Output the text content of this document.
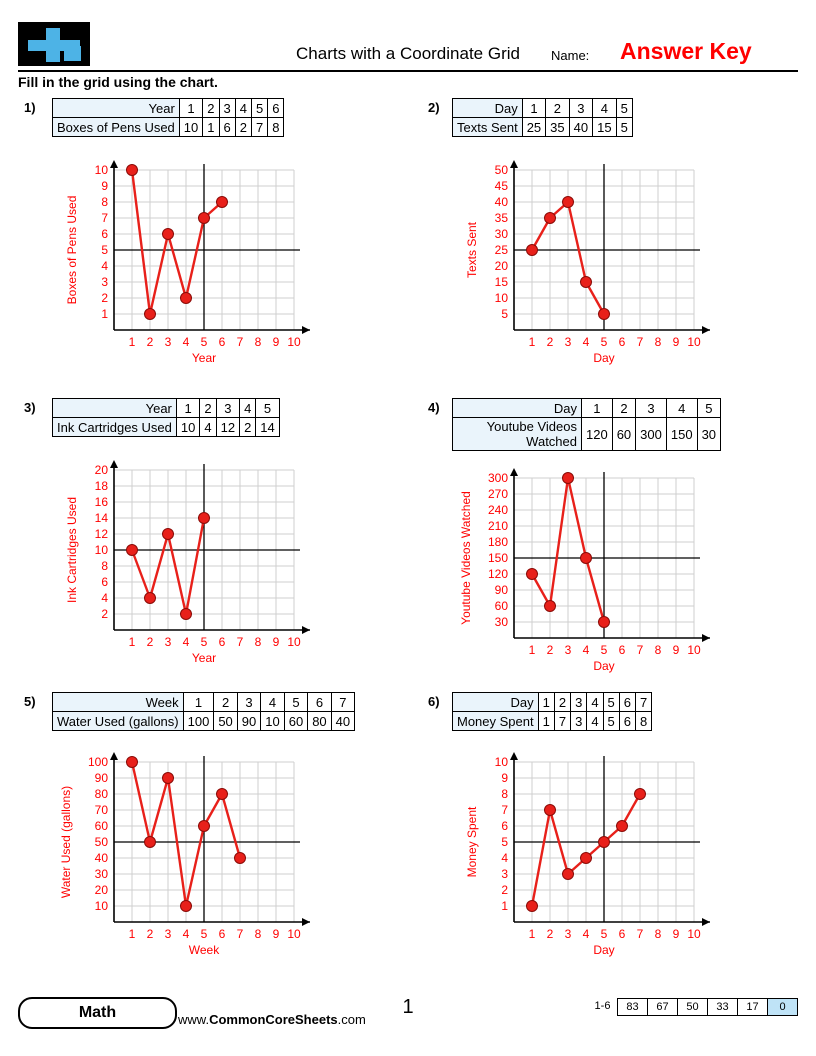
Charts with a Coordinate Grid	Name: Answer Key
Fill in the grid using the chart.
1)	Year	1	2	3	4	5	6
Boxes of Pens Used	10	1	6	2	7	8
1 2 3 4 5 6 7 8 9 10
1
2
3
4
5
6
7
8
9
10
Year
Boxes of Pens Used
2)	Day	1	2	3	4	5
Texts Sent	25	35	40	15	5
1 2 3 4 5 6 7 8 9 10
5
10
15
20
25
30
35
40
45
50
Day
Texts Sent
3)	Year	1	2	3	4	5
Ink Cartridges Used	10	4	12	2	14
1 2 3 4 5 6 7 8 9 10
2
4
6
8
10
12
14
16
18
20
Year
Ink Cartridges Used
4)	Day	1	2	3	4	5
Youtube Videos Watched	120	60	300	150	30
1 2 3 4 5 6 7 8 9 10
30
60
90
120
150
180
210
240
270
300
Day
Youtube Videos Watched
5)	Week	1	2	3	4	5	6	7
Water Used (gallons)	100	50	90	10	60	80	40
1 2 3 4 5 6 7 8 9 10
10
20
30
40
50
60
70
80
90
100
Week
Water Used (gallons)
6)	Day	1	2	3	4	5	6	7
Money Spent	1	7	3	4	5	6	8
1 2 3 4 5 6 7 8 9 10
1
2
3
4
5
6
7
8
9
10
Day
Money Spent
Math	www.CommonCoreSheets.com
1	1-6	83	67	50	33	17	0
